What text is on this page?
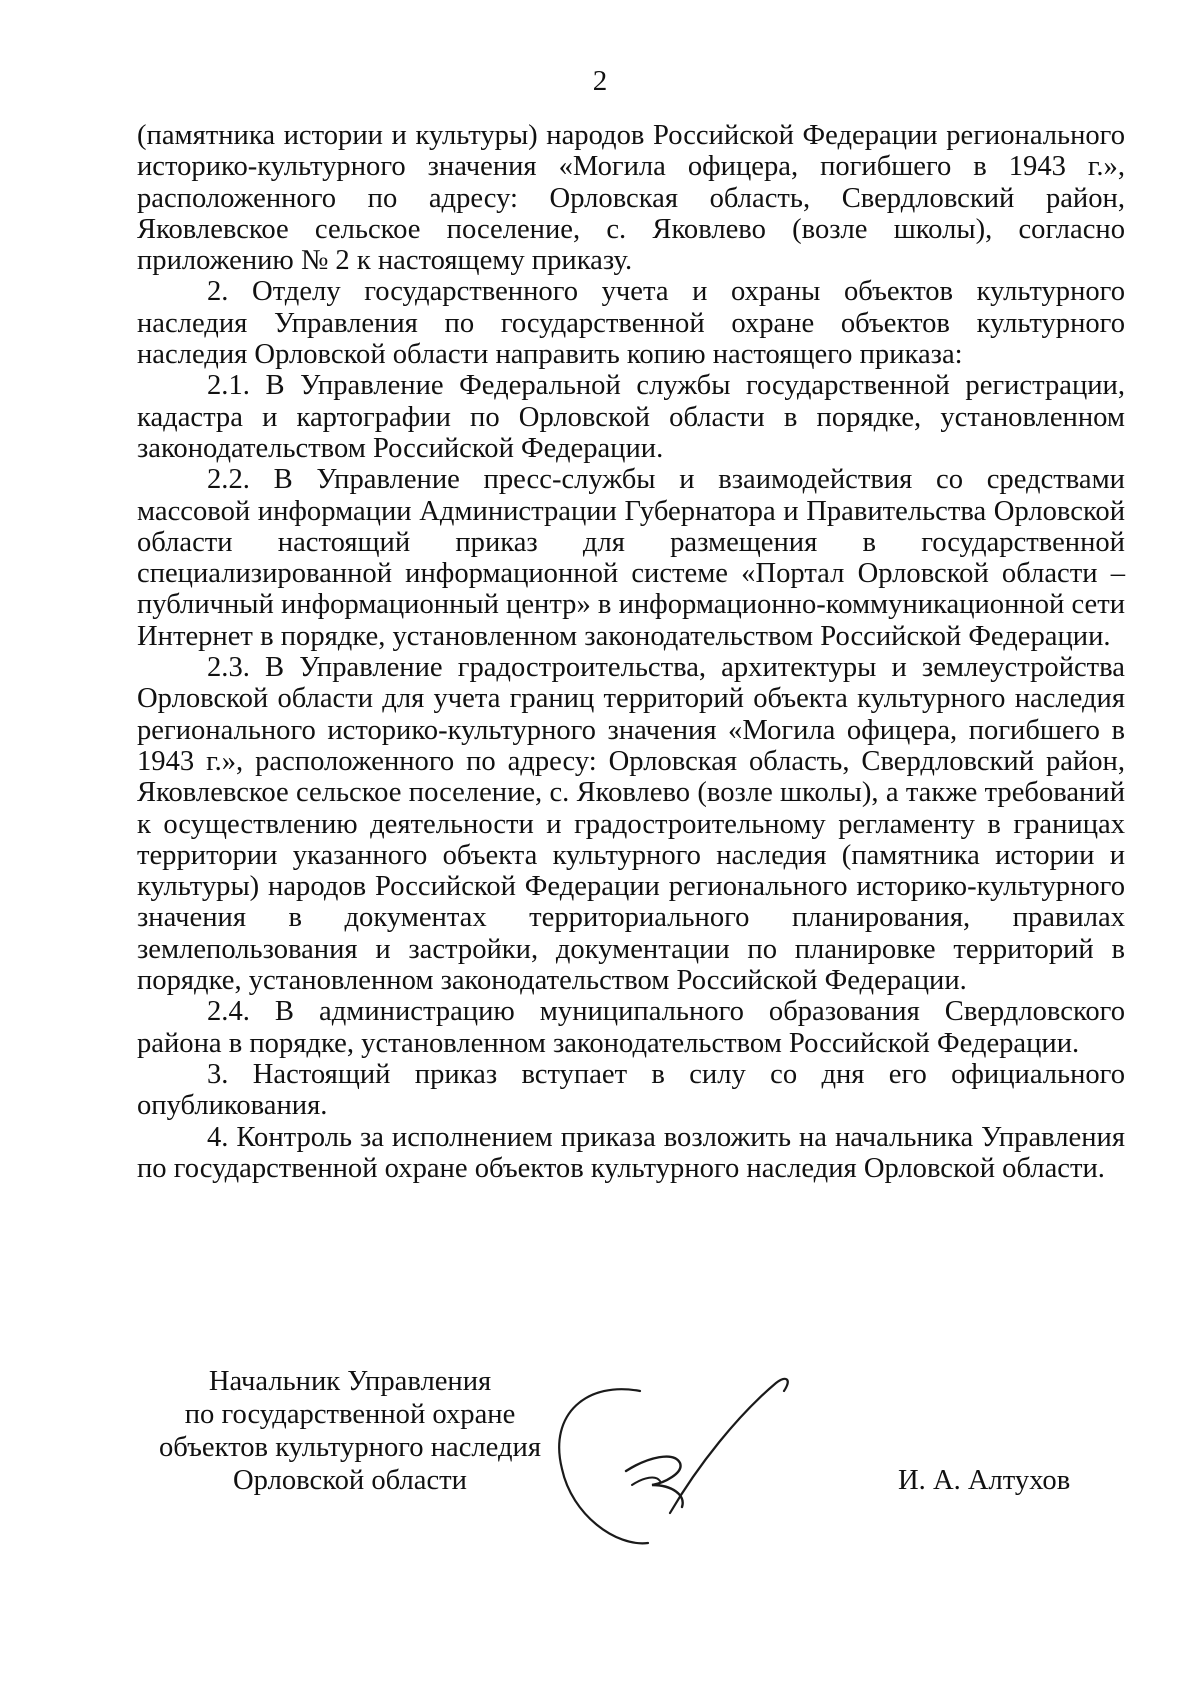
2

(памятника истории и культуры) народов Российской Федерации регионального историко-культурного значения «Могила офицера, погибшего в 1943 г.», расположенного по адресу: Орловская область, Свердловский район, Яковлевское сельское поселение, с. Яковлево (возле школы), согласно приложению № 2 к настоящему приказу.

2. Отделу государственного учета и охраны объектов культурного наследия Управления по государственной охране объектов культурного наследия Орловской области направить копию настоящего приказа:

2.1. В Управление Федеральной службы государственной регистрации, кадастра и картографии по Орловской области в порядке, установленном законодательством Российской Федерации.

2.2. В Управление пресс-службы и взаимодействия со средствами массовой информации Администрации Губернатора и Правительства Орловской области настоящий приказ для размещения в государственной специализированной информационной системе «Портал Орловской области – публичный информационный центр» в информационно-коммуникационной сети Интернет в порядке, установленном законодательством Российской Федерации.

2.3. В Управление градостроительства, архитектуры и землеустройства Орловской области для учета границ территорий объекта культурного наследия регионального историко-культурного значения «Могила офицера, погибшего в 1943 г.», расположенного по адресу: Орловская область, Свердловский район, Яковлевское сельское поселение, с. Яковлево (возле школы), а также требований к осуществлению деятельности и градостроительному регламенту в границах территории указанного объекта культурного наследия (памятника истории и культуры) народов Российской Федерации регионального историко-культурного значения в документах территориального планирования, правилах землепользования и застройки, документации по планировке территорий в порядке, установленном законодательством Российской Федерации.

2.4. В администрацию муниципального образования Свердловского района в порядке, установленном законодательством Российской Федерации.

3. Настоящий приказ вступает в силу со дня его официального опубликования.

4. Контроль за исполнением приказа возложить на начальника Управления по государственной охране объектов культурного наследия Орловской области.

Начальник Управления
по государственной охране
объектов культурного наследия
Орловской области	И. А. Алтухов
